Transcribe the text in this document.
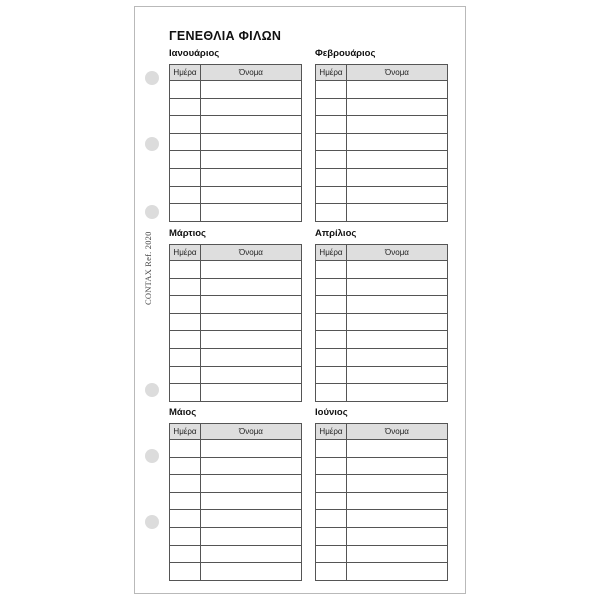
CONTAX Ref. 2020
ΓΕΝΕΘΛΙΑ ΦΙΛΩΝ
Ιανουάριος
Ημέρα	Όνομα

Φεβρουάριος
Ημέρα	Όνομα

Μάρτιος
Ημέρα	Όνομα

Απρίλιος
Ημέρα	Όνομα

Μάιος
Ημέρα	Όνομα

Ιούνιος
Ημέρα	Όνομα
